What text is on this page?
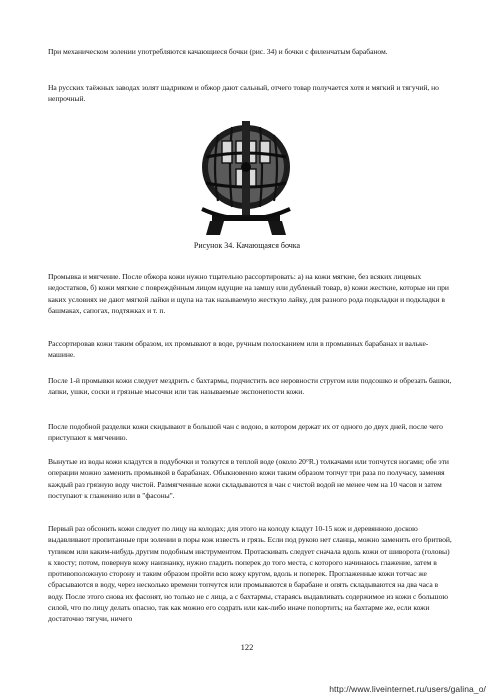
При механическом золении употребляются качающиеся бочки (рис. 34) и бочки с филенчатым барабаном.

На русских таёжных заводах золят шадриком и обжор дают сальный, отчего товар получается хотя и мягкий и тягучий, но непрочный.

Рисунок 34. Качающаяся бочка

Промывка и мягчение. После обжора кожи нужно тщательно рассортировать: а) на кожи мягкие, без всяких лицевых недостатков, б) кожи мягкие с повреждённым лицом идущие на замшу или дубленый товар, в) кожи жесткие, которые ни при каких условиях не дают мягкой лайки и щупа на так называемую жесткую лайку, для разного рода подкладки и подкладки в башмаках, сапогах, подтяжках и т. п.

Рассортировав кожи таким образом, их промывают в воде, ручным полосканием или в промывных барабанах и вальке-машине.

После 1-й промывки кожи следует мездрить с бахтармы, подчистить все неровности стругом или подсошко и обрезать башки, лапки, ушки, соски и грязные мысочки или так называемые экспонепости кожи.

После подобной разделки кожи скидывают в большой чан с водою, в котором держат их от одного до двух дней, после чего приступают к мягчению.

Вынутые из воды кожи кладутся в подубочки и толкутся в теплой воде (около 20°R.) толкачами или топчутся ногами; обе эти операции можно заменить промывкой в барабанах. Обыкновенно кожи таким образом топчут три раза по получасу, заменяя каждый раз грязную воду чистой. Размягченные кожи складываются в чан с чистой водой не менее чем на 10 часов и затем поступают к глажению или в "фасоны".

Первый раз обсонить кожи следует по лицу на колодах; для этого на колоду кладут 10-15 кож и деревянною доскою выдавливают пропитанные при золении в поры кож известь и грязь. Если под рукою нет сланца, можно заменить его бритвой, тупиком или каким-нибудь другим подобным инструментом. Протаскивать следует сначала вдоль кожи от шиворота (головы) к хвосту; потом, повернув кожу наизнанку, нужно гладить поперек до того места, с которого начинаюсь глажение, затем в противоположную сторону и таким образом пройти всю кожу кругом, вдоль и поперек. Проглаженные кожи тотчас же сбрасываются в воду, через несколько времени топчутся или промываются в барабане и опять складываются на два часа в воду. После этого снова их фасонят, но только не с лица, а с бахтармы, стараясь выдавливать содержимое из кожи с большою силой, что по лицу делать опасно, так как можно его содрать или как-либо иначе попортить; на бахтарме же, если кожи достаточно тягучи, ничего

122

http://www.liveinternet.ru/users/galina_o/
